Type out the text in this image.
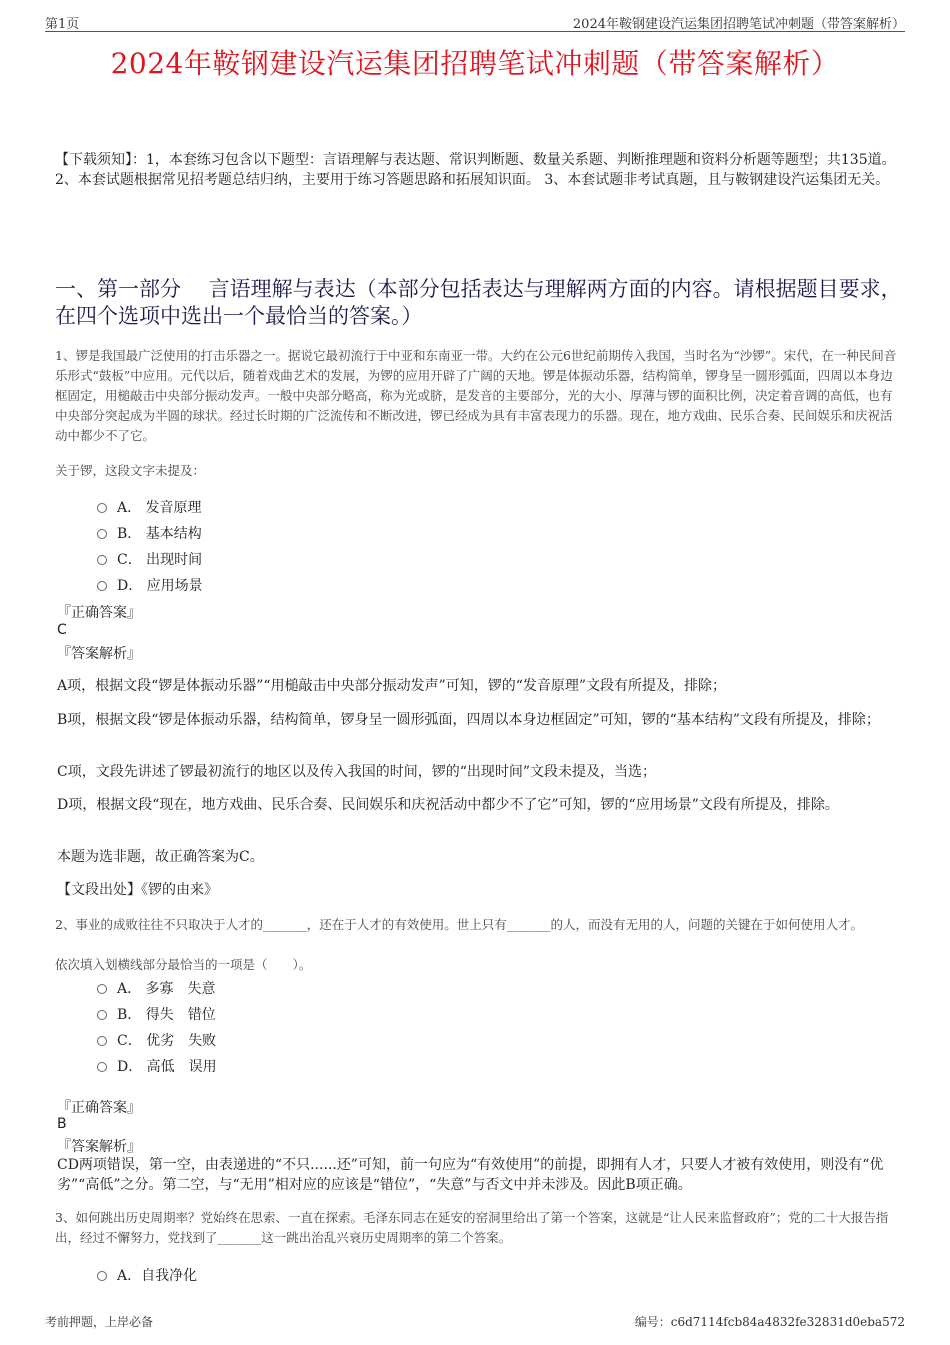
第1页	2024年鞍钢建设汽运集团招聘笔试冲刺题（带答案解析）
2024年鞍钢建设汽运集团招聘笔试冲刺题（带答案解析）
【下载须知】：1，本套练习包含以下题型：言语理解与表达题、常识判断题、数量关系题、判断推理题和资料分析题等题型；共135道。 2、本套试题根据常见招考题总结归纳，主要用于练习答题思路和拓展知识面。 3、本套试题非考试真题，且与鞍钢建设汽运集团无关。
一、第一部分　 言语理解与表达（本部分包括表达与理解两方面的内容。请根据题目要求，在四个选项中选出一个最恰当的答案。）
1、锣是我国最广泛使用的打击乐器之一。据说它最初流行于中亚和东南亚一带。大约在公元6世纪前期传入我国，当时名为“沙锣”。宋代，在一种民间音乐形式“鼓板”中应用。元代以后，随着戏曲艺术的发展，为锣的应用开辟了广阔的天地。锣是体振动乐器，结构简单，锣身呈一圆形弧面，四周以本身边框固定，用槌敲击中央部分振动发声。一般中央部分略高，称为光或脐，是发音的主要部分，光的大小、厚薄与锣的面积比例，决定着音调的高低，也有中央部分突起成为半圆的球状。经过长时期的广泛流传和不断改进，锣已经成为具有丰富表现力的乐器。现在，地方戏曲、民乐合奏、民间娱乐和庆祝活动中都少不了它。
关于锣，这段文字未提及：
A． 发音原理
B． 基本结构
C． 出现时间
D． 应用场景
『正确答案』
C
『答案解析』
A项，根据文段“锣是体振动乐器”“用槌敲击中央部分振动发声”可知，锣的“发音原理”文段有所提及，排除；
B项，根据文段“锣是体振动乐器，结构简单，锣身呈一圆形弧面，四周以本身边框固定”可知，锣的“基本结构”文段有所提及，排除；
C项，文段先讲述了锣最初流行的地区以及传入我国的时间，锣的“出现时间”文段未提及，当选；
D项，根据文段“现在，地方戏曲、民乐合奏、民间娱乐和庆祝活动中都少不了它”可知，锣的“应用场景”文段有所提及，排除。
本题为选非题，故正确答案为C。
【文段出处】《锣的由来》
2、事业的成败往往不只取决于人才的_______，还在于人才的有效使用。世上只有_______的人，而没有无用的人，问题的关键在于如何使用人才。
依次填入划横线部分最恰当的一项是（　　）。
A． 多寡　失意
B． 得失　错位
C． 优劣　失败
D． 高低　误用
『正确答案』
B
『答案解析』
CD两项错误，第一空，由表递进的“不只......还”可知，前一句应为“有效使用”的前提，即拥有人才，只要人才被有效使用，则没有“优劣”“高低”之分。第二空，与“无用”相对应的应该是“错位”，“失意”与否文中并未涉及。因此B项正确。
3、如何跳出历史周期率？党始终在思索、一直在探索。毛泽东同志在延安的窑洞里给出了第一个答案，这就是“让人民来监督政府”；党的二十大报告指出，经过不懈努力，党找到了_______这一跳出治乱兴衰历史周期率的第二个答案。
A．自我净化
考前押题，上岸必备	编号：c6d7114fcb84a4832fe32831d0eba572
